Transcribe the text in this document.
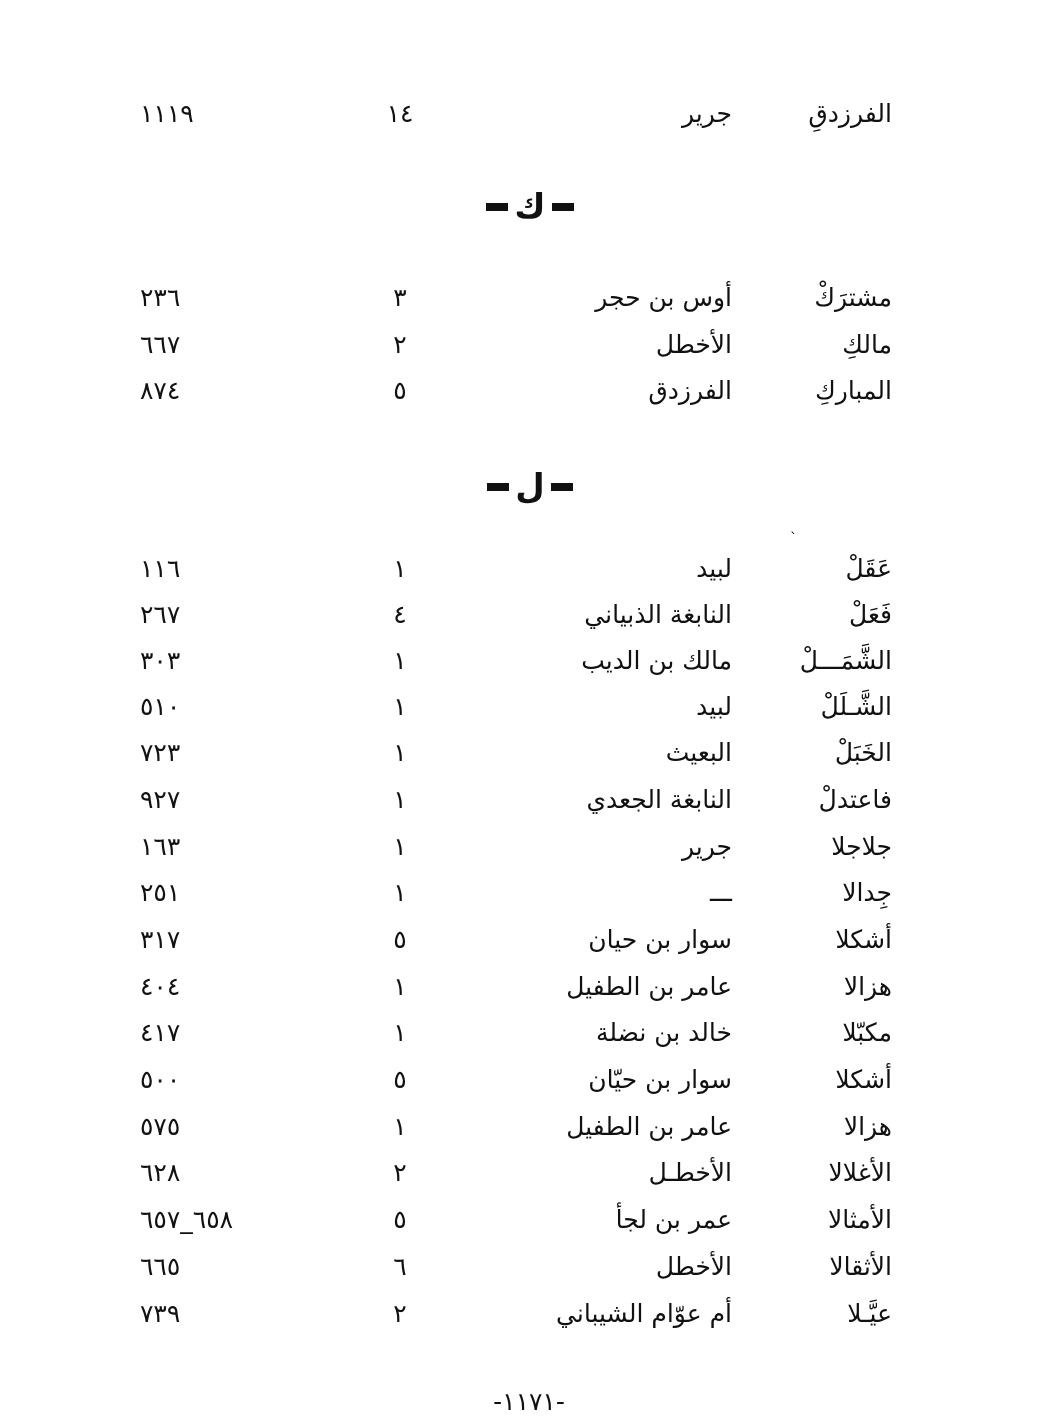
الفرزدقِ
جرير
١٤
١١١٩
ك
مشترَكْ
أوس بن حجر
٣
٢٣٦
مالكِ
الأخطل
٢
٦٦٧
المباركِ
الفرزدق
٥
٨٧٤
ل
`
عَقَلْ
لبيد
١
١١٦
فَعَلْ
النابغة الذبياني
٤
٢٦٧
الشَّمَـــلْ
مالك بن الديب
١
٣٠٣
الشَّـلَلْ
لبيد
١
٥١٠
الخَبَلْ
البعيث
١
٧٢٣
فاعتدلْ
النابغة الجعدي
١
٩٢٧
جلاجلا
جرير
١
١٦٣
جِدالا
ـــ
١
٢٥١
أشكلا
سوار بن حيان
٥
٣١٧
هزالا
عامر بن الطفيل
١
٤٠٤
مكبّلا
خالد بن نضلة
١
٤١٧
أشكلا
سوار بن حيّان
٥
٥٠٠
هزالا
عامر بن الطفيل
١
٥٧٥
الأغلالا
الأخطـل
٢
٦٢٨
الأمثالا
عمر بن لجأ
٥
٦٥٨_٦٥٧
الأثقالا
الأخطل
٦
٦٦٥
عيَّـلا
أم عوّام الشيباني
٢
٧٣٩
-١١٧١-
